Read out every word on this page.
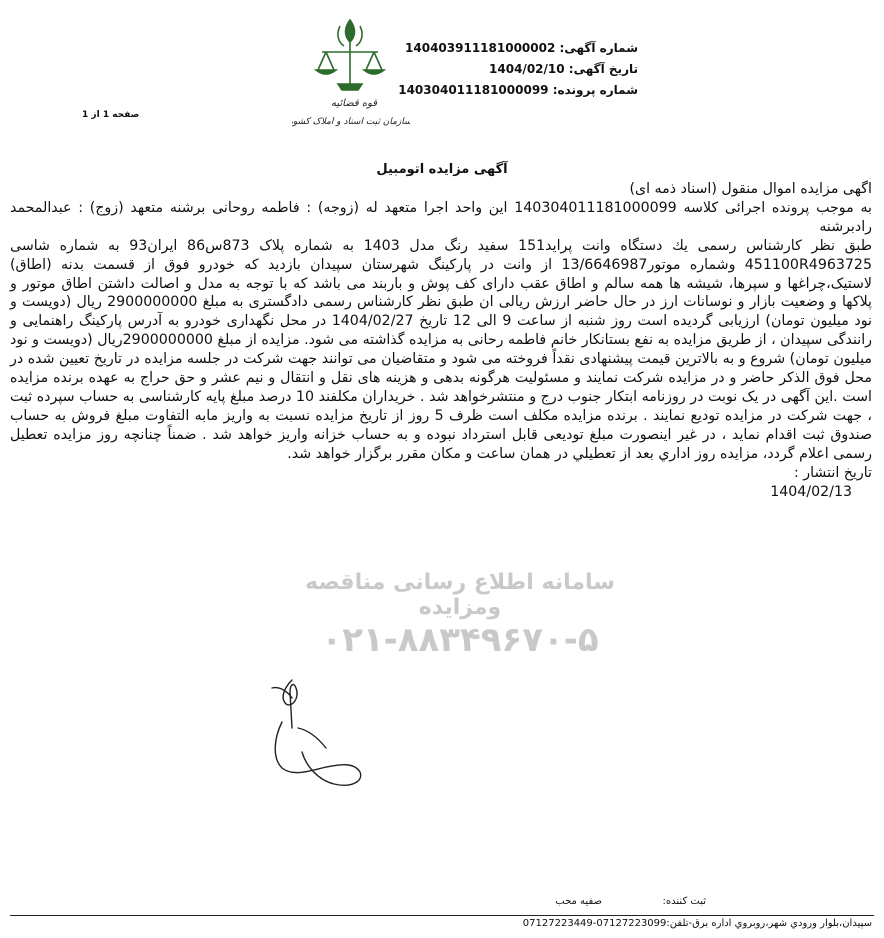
شماره آگهی: 140403911181000002
تاریخ آگهی: 1404/02/10
شماره پرونده: 140304011181000099
قوه قضائیه
سازمان ثبت اسناد و املاک کشور
صفحه 1 از 1
آگهی مزایده اتومبیل
سامانه اطلاع رسانی مناقصه ومزایده
۰۲۱-۸۸۳۴۹۶۷۰-۵

اگهی مزایده اموال منقول (اسناد ذمه ای)

به موجب پرونده اجرائی کلاسه 140304011181000099 این واحد اجرا متعهد له (زوجه) : فاطمه روحانی برشنه متعهد (زوج) : عبدالمحمد رادبرشنه

طبق نظر کارشناس رسمی یك دستگاه وانت پراید151 سفید رنگ مدل 1403 به شماره پلاک 873س86 ایران93 به شماره شاسی 451100R4963725 وشماره موتور13/6646987 از وانت در پارکینگ شهرستان سپیدان بازدید که خودرو فوق از قسمت بدنه (اطاق) لاستیک،چراغها و سپرها، شیشه ها همه سالم و اطاق عقب دارای کف پوش و باربند می باشد که با توجه به مدل و اصالت داشتن اطاق موتور و پلاکها و وضعیت بازار و نوسانات ارز در حال حاضر ارزش ریالی ان طبق نظر کارشناس رسمی دادگستری به مبلغ 2900000000 ریال (دویست و نود میلیون تومان) ارزیابی گردیده است روز شنبه از ساعت 9 الی 12 تاریخ 1404/02/27 در محل نگهداری خودرو به آدرس پارکینگ راهنمایی و رانندگی سپیدان ، از طریق مزایده به نفع بستانکار خانم فاطمه رحانی به مزایده گذاشته می شود. مزایده از مبلغ 2900000000ریال (دویست و نود میلیون تومان) شروع و به بالاترین قیمت پیشنهادی نقداً فروخته می شود و متقاضیان می توانند جهت شرکت در جلسه مزایده در تاریخ تعیین شده در محل فوق الذکر حاضر و در مزایده شرکت نمایند و مسئولیت هرگونه بدهی و هزینه های نقل و انتقال و نیم عشر و حق حراج به عهده برنده مزایده است .این آگهی در یک نوبت در روزنامه ابتکار جنوب درج و منتشرخواهد شد . خریداران مکلفند 10 درصد مبلغ پایه کارشناسی به حساب سپرده ثبت ، جهت شرکت در مزایده تودیع نمایند . برنده مزایده مکلف است ظرف 5 روز از تاریخ مزایده نسبت به واریز مابه التفاوت مبلغ فروش به حساب صندوق ثبت اقدام نماید ، در غیر اینصورت مبلغ تودیعی قابل استرداد نبوده و به حساب خزانه واریز خواهد شد . ضمناً چنانچه روز مزایده تعطیل رسمی اعلام گردد، مزایده روز اداري بعد از تعطیلي در همان ساعت و مکان مقرر برگزار خواهد شد.

تاریخ انتشار :

1404/02/13

ثبت کننده:
صفیه محب
سپیدان،بلوار ورودي شهر،روبروي اداره برق-تلفن:07127223099-07127223449
